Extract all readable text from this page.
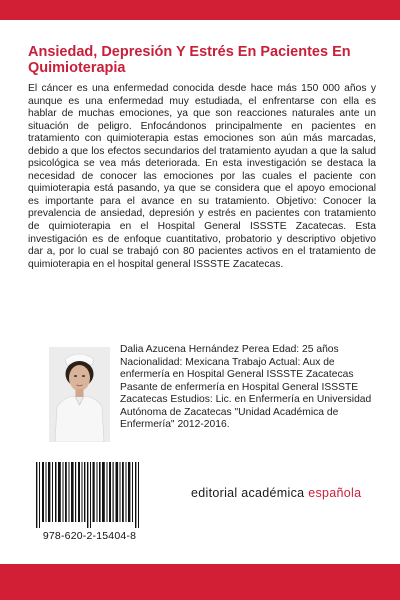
Ansiedad, Depresión Y Estrés En Pacientes En Quimioterapia
El cáncer es una enfermedad conocida desde hace más 150 000 años y aunque es una enfermedad muy estudiada, el enfrentarse con ella es hablar de muchas emociones, ya que son reacciones naturales ante un situación de peligro. Enfocándonos principalmente en pacientes en tratamiento con quimioterapia estas emociones son aún más marcadas, debido a que los efectos secundarios del tratamiento ayudan a que la salud psicológica se vea más deteriorada. En esta investigación se destaca la necesidad de conocer las emociones por las cuales el paciente con quimioterapia está pasando, ya que se considera que el apoyo emocional es importante para el avance en su tratamiento. Objetivo: Conocer la prevalencia de ansiedad, depresión y estrés en pacientes con tratamiento de quimioterapia en el Hospital General ISSSTE Zacatecas. Esta investigación es de enfoque cuantitativo, probatorio y descriptivo objetivo dar a, por lo cual se trabajó con 80 pacientes activos en el tratamiento de quimioterapia en el hospital general ISSSTE Zacatecas.
Dalia Azucena Hernández Perea Edad: 25 años Nacionalidad: Mexicana Trabajo Actual: Aux de enfermería en Hospital General ISSSTE Zacatecas Pasante de enfermería en Hospital General ISSSTE Zacatecas Estudios: Lic. en Enfermería en Universidad Autónoma de Zacatecas "Unidad Académica de Enfermería" 2012-2016.
978-620-2-15404-8
editorial académica española
